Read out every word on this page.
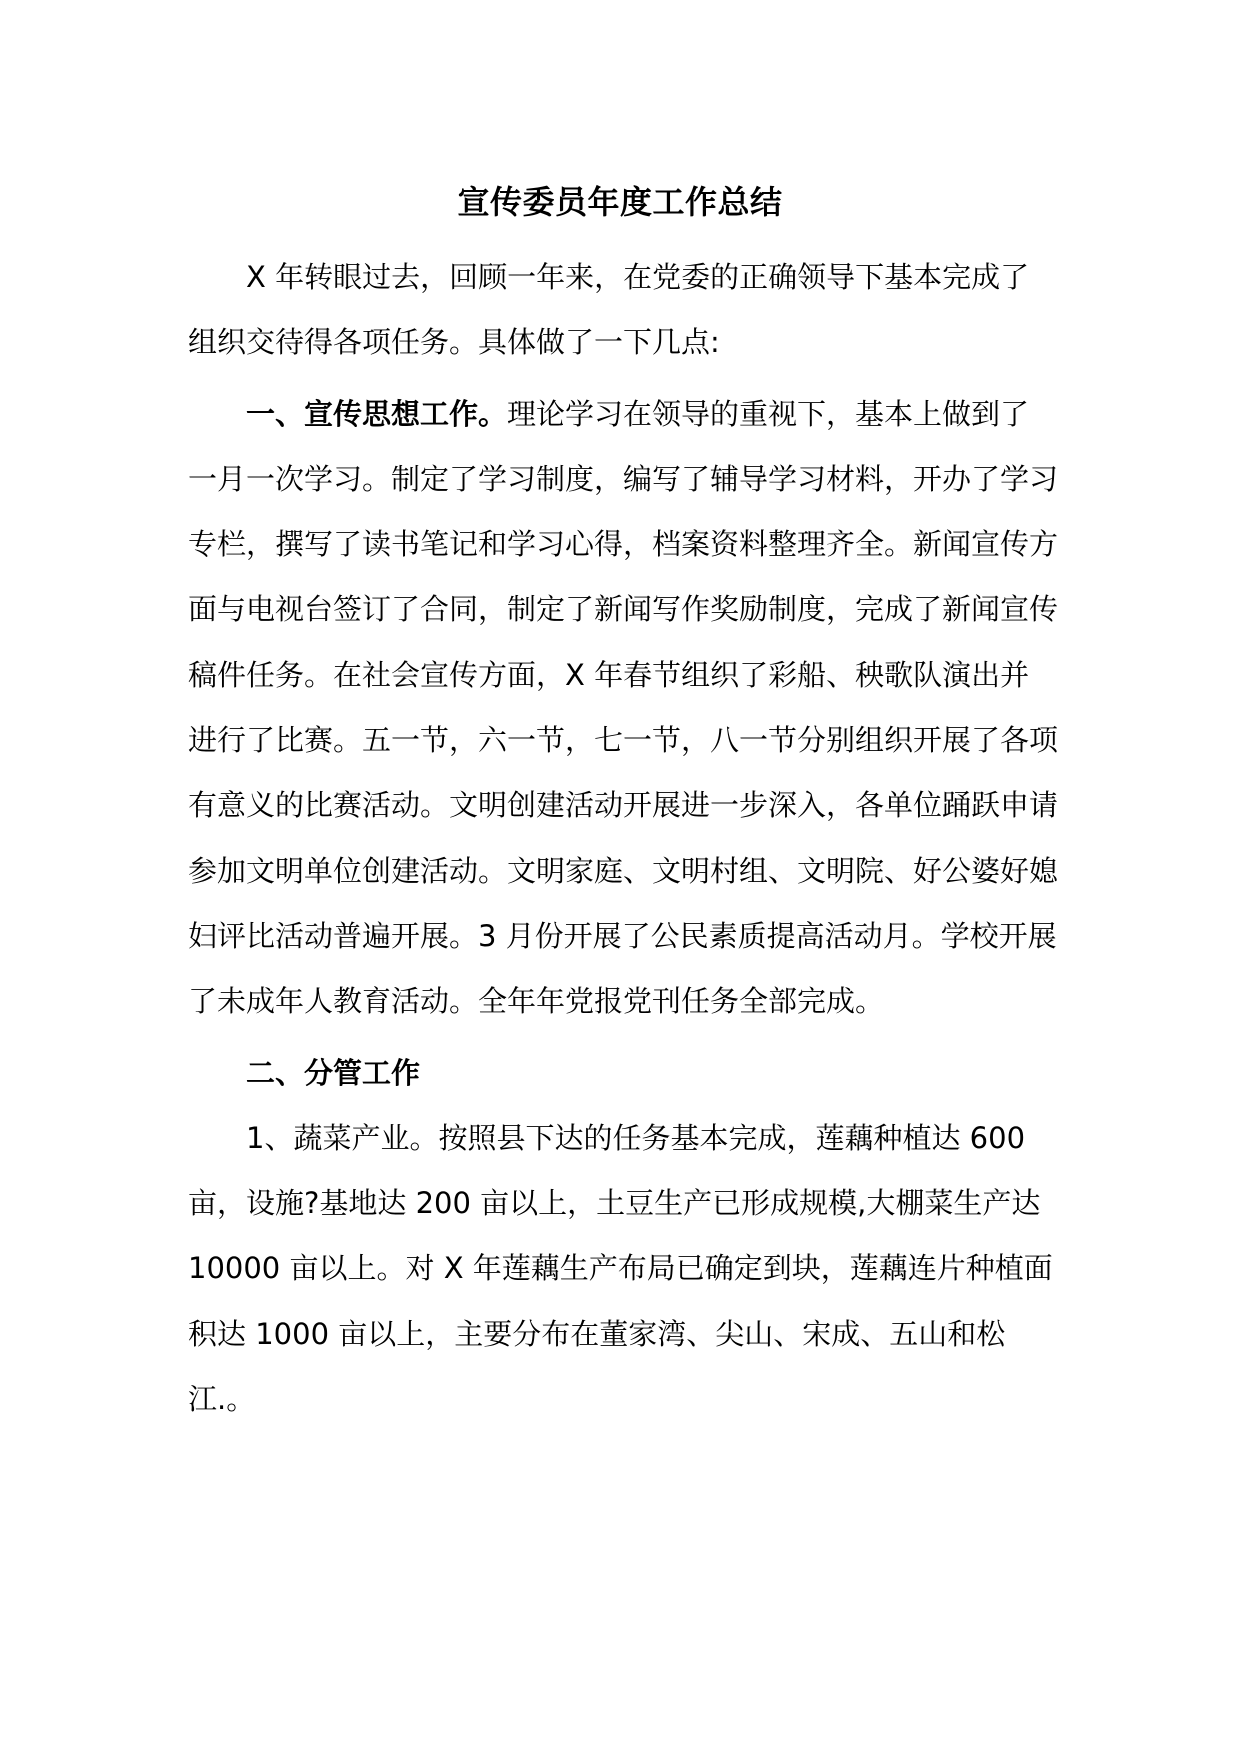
宣传委员年度工作总结

X 年转眼过去，回顾一年来，在党委的正确领导下基本完成了组织交待得各项任务。具体做了一下几点:

一、宣传思想工作。理论学习在领导的重视下，基本上做到了一月一次学习。制定了学习制度，编写了辅导学习材料，开办了学习专栏，撰写了读书笔记和学习心得，档案资料整理齐全。新闻宣传方面与电视台签订了合同，制定了新闻写作奖励制度，完成了新闻宣传稿件任务。在社会宣传方面，X 年春节组织了彩船、秧歌队演出并进行了比赛。五一节，六一节，七一节，八一节分别组织开展了各项有意义的比赛活动。文明创建活动开展进一步深入，各单位踊跃申请参加文明单位创建活动。文明家庭、文明村组、文明院、好公婆好媳妇评比活动普遍开展。3 月份开展了公民素质提高活动月。学校开展了未成年人教育活动。全年年党报党刊任务全部完成。

二、分管工作

1、蔬菜产业。按照县下达的任务基本完成，莲藕种植达 600 亩，设施?基地达 200 亩以上，土豆生产已形成规模,大棚菜生产达 10000 亩以上。对 X 年莲藕生产布局已确定到块，莲藕连片种植面积达 1000 亩以上，主要分布在董家湾、尖山、宋成、五山和松江.。
